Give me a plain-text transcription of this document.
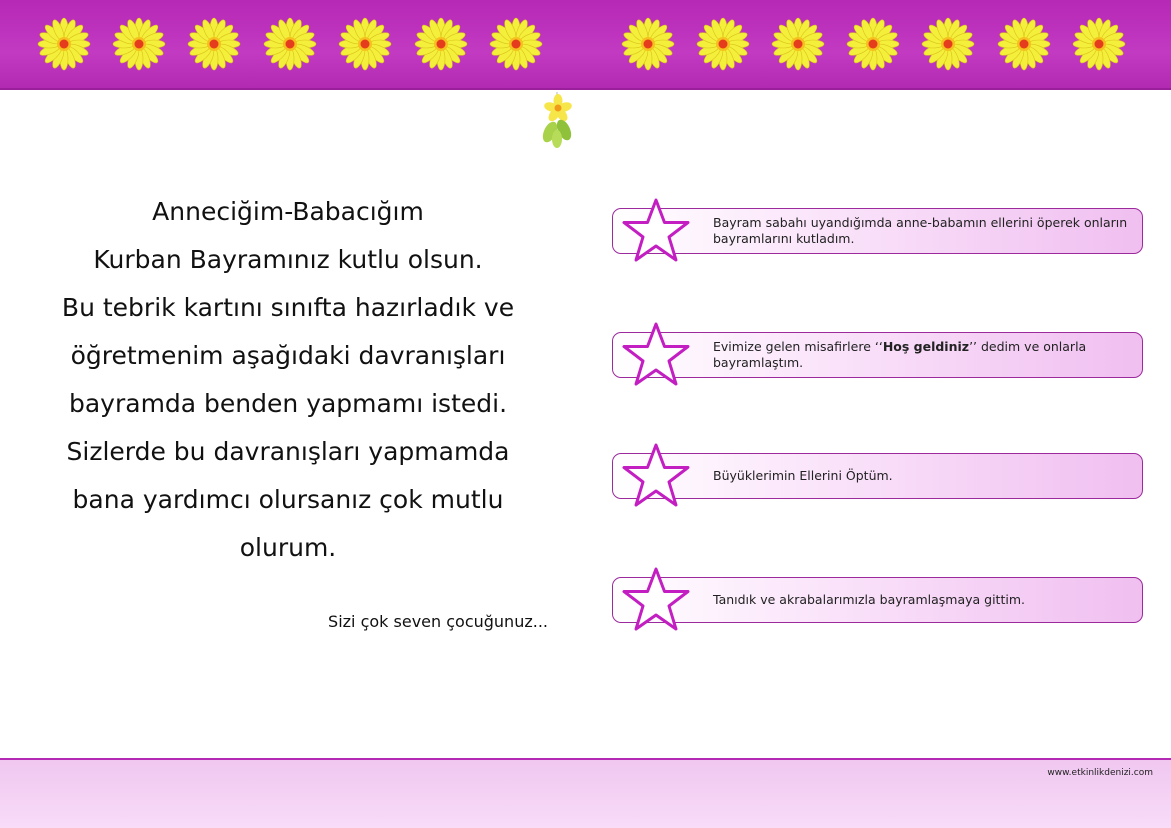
Anneciğim-Babacığım
Kurban Bayramınız kutlu olsun.
Bu tebrik kartını sınıfta hazırladık ve
öğretmenim aşağıdaki davranışları
bayramda benden yapmamı istedi.
Sizlerde bu davranışları yapmamda
bana yardımcı olursanız çok mutlu
olurum.
Sizi çok seven çocuğunuz...
Bayram sabahı uyandığımda anne-babamın ellerini öperek onların bayramlarını kutladım.
Evimize gelen misafirlere ‘‘Hoş geldiniz’’ dedim ve onlarla bayramlaştım.
Büyüklerimin Ellerini Öptüm.
Tanıdık ve akrabalarımızla bayramlaşmaya gittim.
www.etkinlikdenizi.com
